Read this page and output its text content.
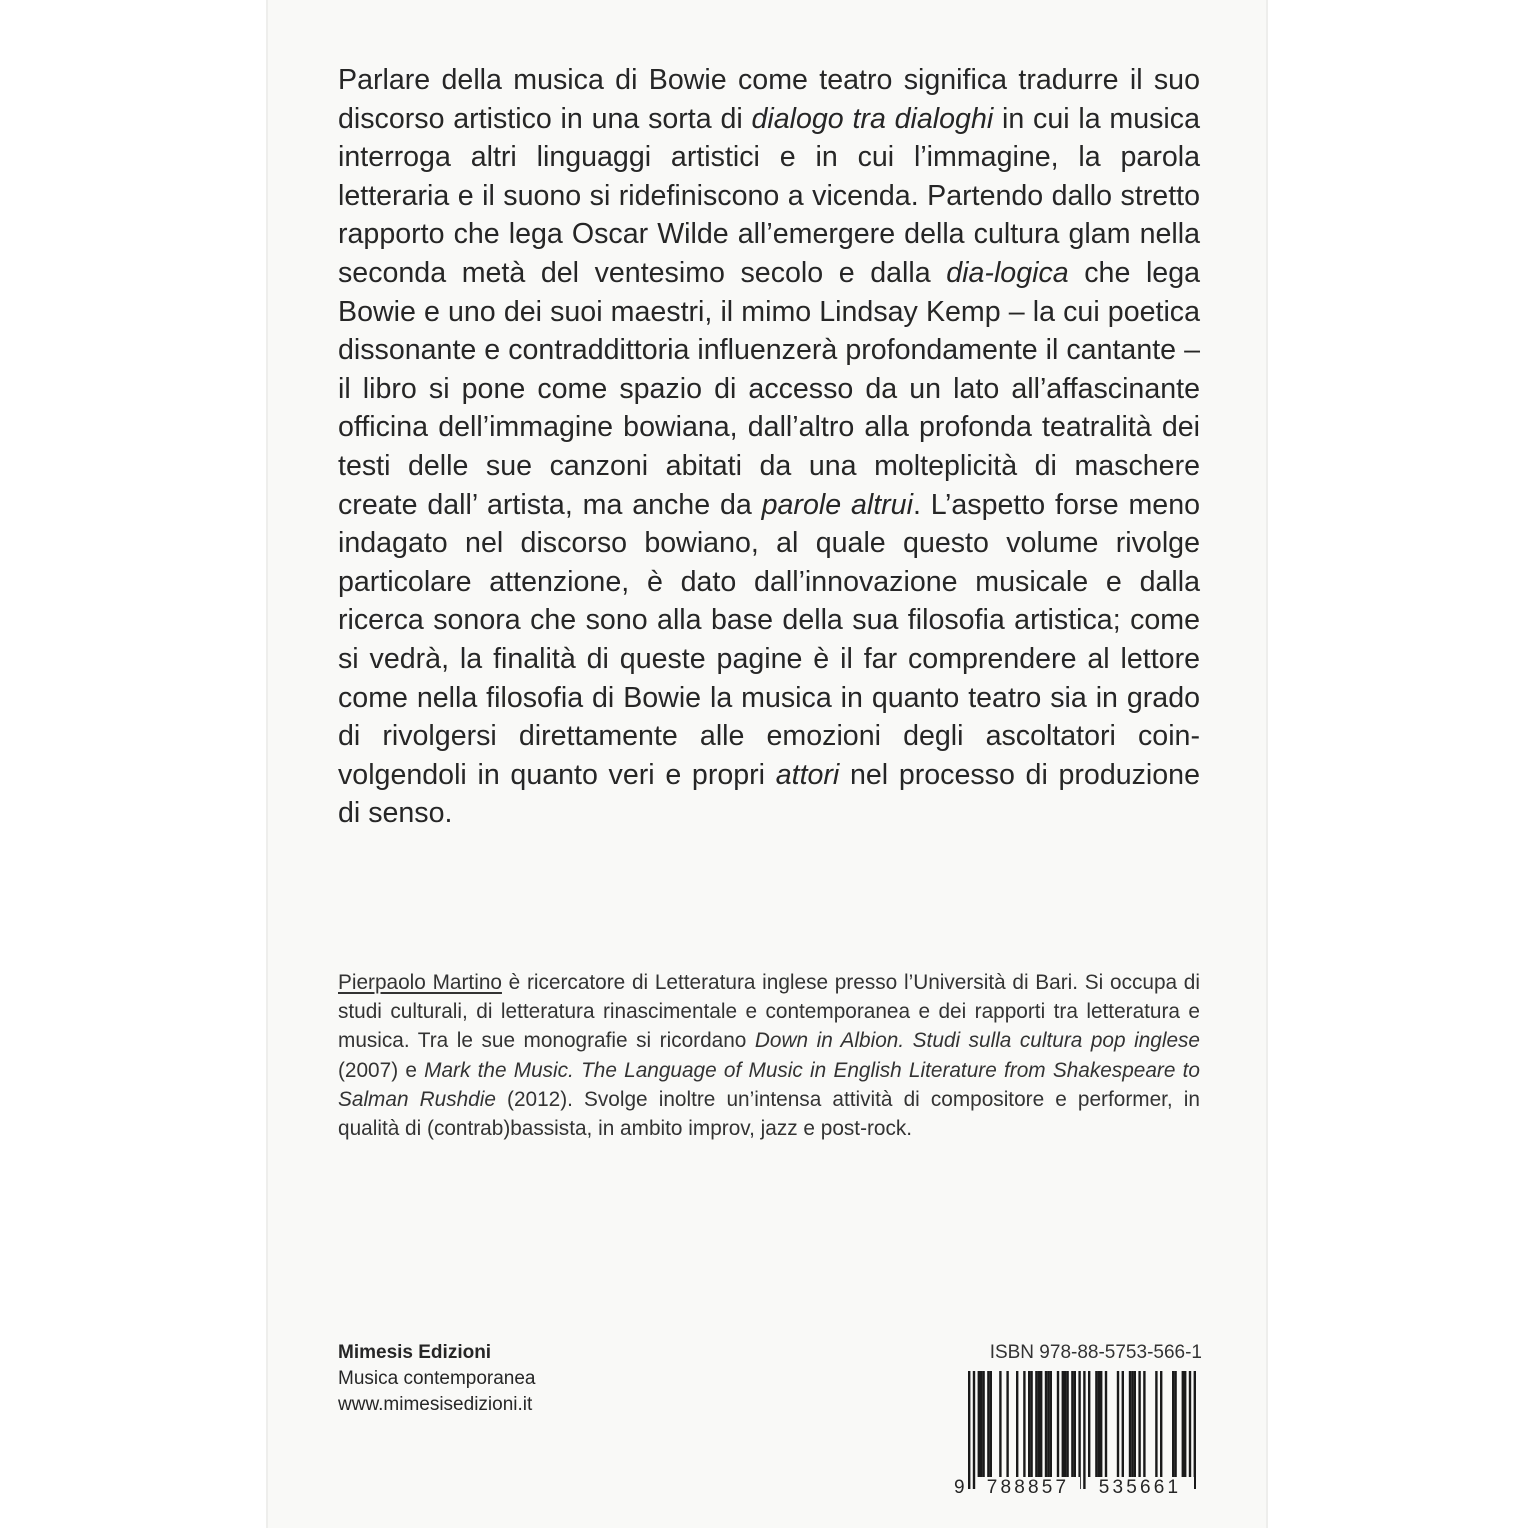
Parlare della musica di Bowie come teatro significa tradurre il suo discorso artistico in una sorta di dialogo tra dialoghi in cui la musica interroga altri linguaggi artistici e in cui l’immagine, la parola letteraria e il suono si ridefiniscono a vicenda. Partendo dallo stretto rapporto che lega Oscar Wilde all’emergere della cultura glam nella seconda metà del ventesimo secolo e dalla dia-logica che lega Bowie e uno dei suoi maestri, il mimo Lindsay Kemp – la cui poetica dissonante e contraddittoria influenzerà profondamente il cantante – il libro si pone come spazio di accesso da un lato all’affascinante officina dell’immagine bowiana, dall’altro alla profonda teatralità dei testi delle sue canzoni abitati da una molteplicità di maschere create dall’ artista, ma anche da parole altrui. L’aspetto forse meno indagato nel discorso bowiano, al quale questo volume rivolge particolare attenzione, è dato dall’innovazione musicale e dalla ricerca sonora che sono alla base della sua filosofia artistica; come si vedrà, la finalità di queste pagine è il far comprendere al lettore come nella filosofia di Bowie la musica in quanto teatro sia in grado di rivolgersi direttamente alle emozioni degli ascoltatori coinvolgendoli in quanto veri e propri attori nel processo di produzione di senso.

Pierpaolo Martino è ricercatore di Letteratura inglese presso l’Università di Bari. Si occupa di studi culturali, di letteratura rinascimentale e contemporanea e dei rapporti tra letteratura e musica. Tra le sue monografie si ricordano Down in Albion. Studi sulla cultura pop inglese (2007) e Mark the Music. The Language of Music in English Literature from Shakespeare to Salman Rushdie (2012). Svolge inoltre un’intensa attività di compositore e performer, in qualità di (contrab)bassista, in ambito improv, jazz e post-rock.

Mimesis Edizioni
Musica contemporanea
www.mimesisedizioni.it
ISBN 978-88-5753-566-1
9	788857	535661
